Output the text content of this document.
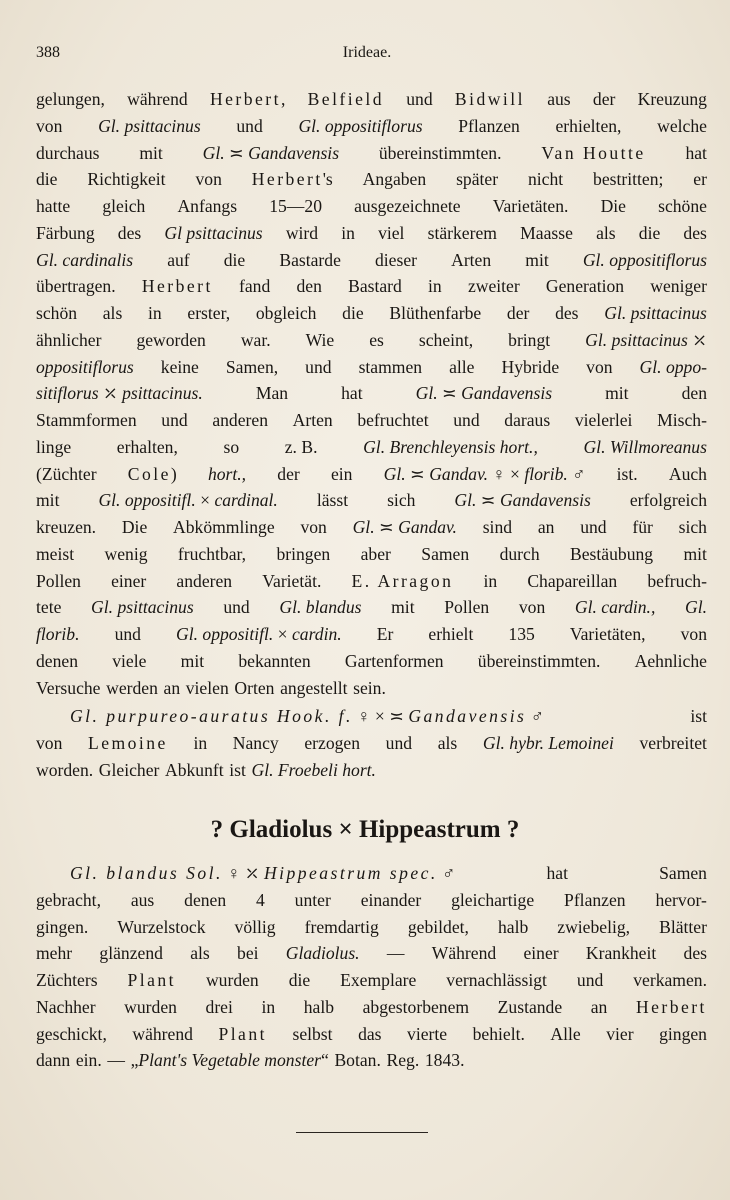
388	Irideae.
gelungen, während Herbert, Belfield und Bidwill aus der Kreuzung
von Gl. psittacinus und Gl. oppositiflorus Pflanzen erhielten, welche
durchaus mit Gl. ≍ Gandavensis übereinstimmten. Van Houtte hat
die Richtigkeit von Herbert's Angaben später nicht bestritten; er
hatte gleich Anfangs 15—20 ausgezeichnete Varietäten. Die schöne
Färbung des Gl psittacinus wird in viel stärkerem Maasse als die des
Gl. cardinalis auf die Bastarde dieser Arten mit Gl. oppositiflorus
übertragen. Herbert fand den Bastard in zweiter Generation weniger
schön als in erster, obgleich die Blüthenfarbe der des Gl. psittacinus
ähnlicher geworden war. Wie es scheint, bringt Gl. psittacinus ⤫
oppositiflorus keine Samen, und stammen alle Hybride von Gl. oppo-
sitiflorus ⤫ psittacinus.	Man	hat	Gl. ≍ Gandavensis	mit	den
Stammformen und anderen Arten befruchtet und daraus vielerlei Misch-
linge	erhalten,	so	z. B.	Gl. Brenchleyensis hort.,	Gl. Willmoreanus
(Züchter Cole) hort., der ein Gl. ≍ Gandav. ♀ × florib. ♂ ist. Auch
mit Gl. oppositifl. × cardinal. lässt sich Gl. ≍ Gandavensis erfolgreich
kreuzen. Die Abkömmlinge von Gl. ≍ Gandav. sind an und für sich
meist wenig fruchtbar, bringen aber Samen durch Bestäubung mit
Pollen einer anderen Varietät. E. Arragon in Chapareillan befruch-
tete Gl. psittacinus und Gl. blandus mit Pollen von Gl. cardin., Gl.
florib. und Gl. oppositifl. × cardin. Er erhielt 135 Varietäten, von
denen viele mit bekannten Gartenformen übereinstimmten. Aehnliche
Versuche werden an vielen Orten angestellt sein.
Gl. purpureo-auratus Hook. f. ♀ × ≍ Gandavensis ♂	ist
von Lemoine in Nancy erzogen und als Gl. hybr. Lemoinei verbreitet
worden. Gleicher Abkunft ist Gl. Froebeli hort.
? Gladiolus × Hippeastrum ?
Gl. blandus Sol. ♀ ⤫ Hippeastrum spec. ♂	hat	Samen
gebracht, aus denen 4 unter einander gleichartige Pflanzen hervor-
gingen. Wurzelstock völlig fremdartig gebildet, halb zwiebelig, Blätter
mehr glänzend als bei Gladiolus. — Während einer Krankheit des
Züchters Plant wurden die Exemplare vernachlässigt und verkamen.
Nachher wurden drei in halb abgestorbenem Zustande an Herbert
geschickt, während Plant selbst das vierte behielt. Alle vier gingen
dann ein. — „Plant's Vegetable monster“ Botan. Reg. 1843.
